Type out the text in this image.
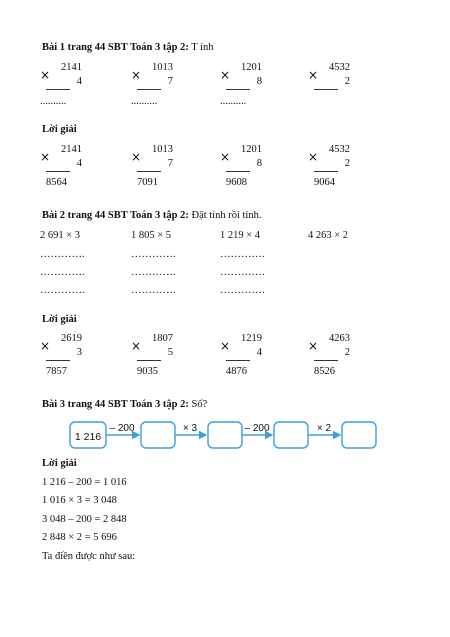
Bài 1 trang 44 SBT Toán 3 tập 2: T ính
2141
×	4
..........
1013
×	7
..........
1201
×	8
..........
4532
×	2
Lời giải
2141
×	4
8564
1013
×	7
7091
1201
×	8
9608
4532
×	2
9064
Bài 2 trang 44 SBT Toán 3 tập 2: Đặt tính rồi tính.
2 691 × 3	1 805 × 5	1 219 × 4	4 263 × 2
………….	………….	………….
………….	………….	………….
………….	………….	………….
Lời giải
2619
×	3
7857
1807
×	5
9035
1219
×	4
4876
4263
×	2
8526
Bài 3 trang 44 SBT Toán 3 tập 2: Số?
1 216
– 200	× 3	– 200	× 2
Lời giải
1 216 – 200 = 1 016
1 016 × 3 = 3 048
3 048 – 200 = 2 848
2 848 × 2 = 5 696
Ta điền được như sau:
